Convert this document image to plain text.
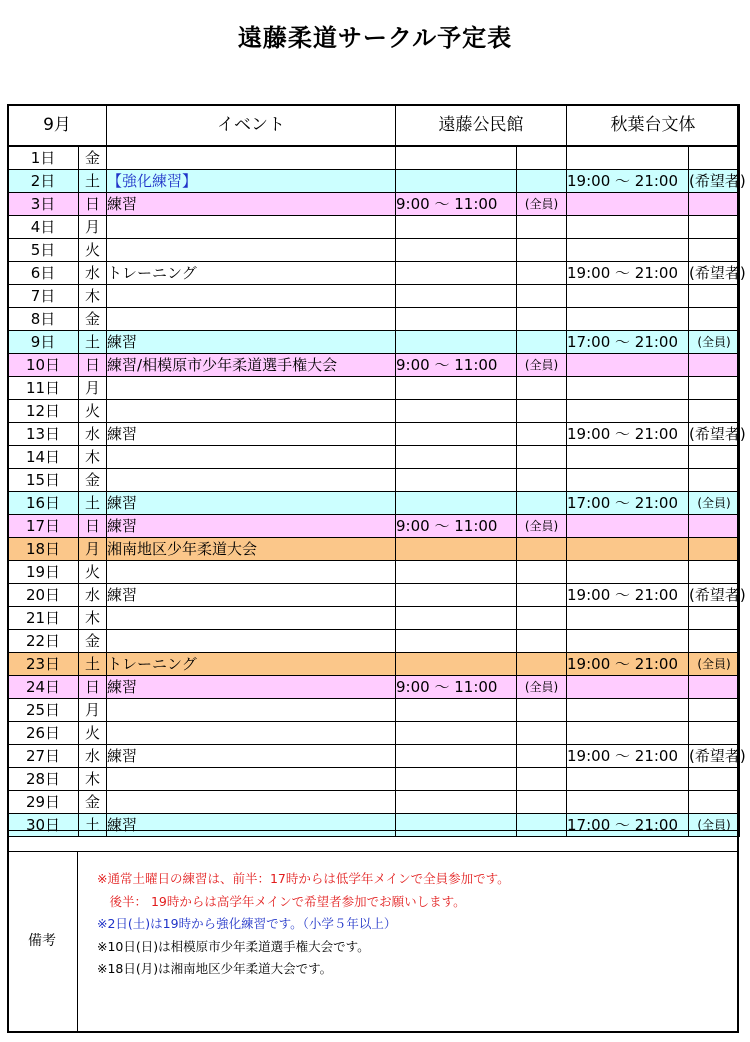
遠藤柔道サークル予定表
9月		イベント	遠藤公民館		秋葉台文体	
1日	金					
2日	土	【強化練習】			19:00 ～ 21:00	(希望者)
3日	日	練習	9:00 ～ 11:00	(全員)		
4日	月					
5日	火					
6日	水	トレーニング			19:00 ～ 21:00	(希望者)
7日	木					
8日	金					
9日	土	練習			17:00 ～ 21:00	(全員)
10日	日	練習/相模原市少年柔道選手権大会	9:00 ～ 11:00	(全員)		
11日	月					
12日	火					
13日	水	練習			19:00 ～ 21:00	(希望者)
14日	木					
15日	金					
16日	土	練習			17:00 ～ 21:00	(全員)
17日	日	練習	9:00 ～ 11:00	(全員)		
18日	月	湘南地区少年柔道大会				
19日	火					
20日	水	練習			19:00 ～ 21:00	(希望者)
21日	木					
22日	金					
23日	土	トレーニング			19:00 ～ 21:00	(全員)
24日	日	練習	9:00 ～ 11:00	(全員)		
25日	月					
26日	火					
27日	水	練習			19:00 ～ 21:00	(希望者)
28日	木					
29日	金					
30日	土	練習			17:00 ～ 21:00	(全員)
備考
※通常土曜日の練習は、前半：17時からは低学年メインで全員参加です。
　後半： 19時からは高学年メインで希望者参加でお願いします。
※2日(土)は19時から強化練習です。（小学５年以上）
※10日(日)は相模原市少年柔道選手権大会です。
※18日(月)は湘南地区少年柔道大会です。
